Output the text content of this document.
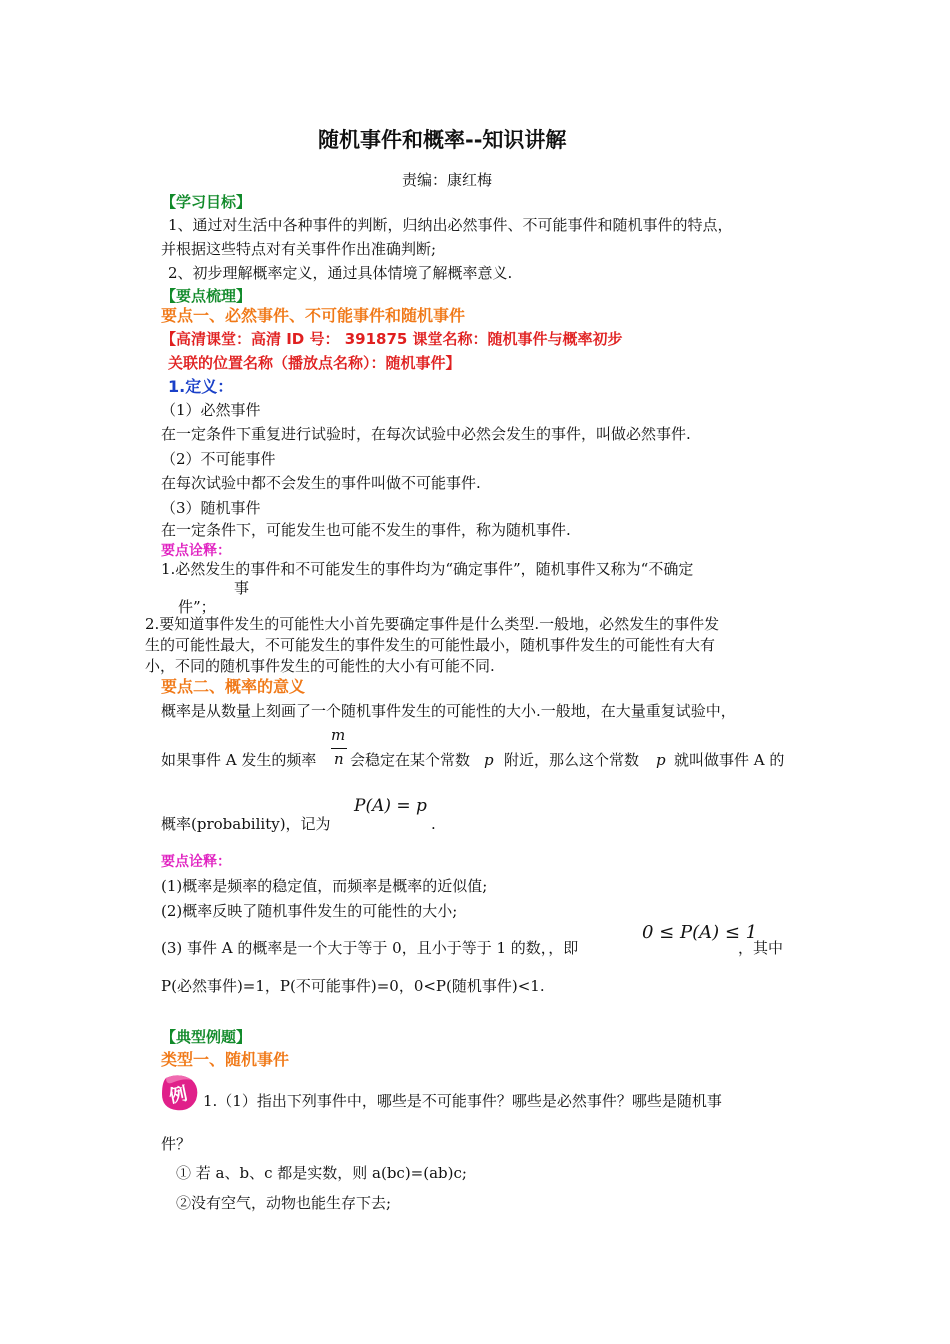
随机事件和概率--知识讲解
责编：康红梅
【学习目标】
1、通过对生活中各种事件的判断，归纳出必然事件、不可能事件和随机事件的特点，
并根据这些特点对有关事件作出准确判断;
2、初步理解概率定义，通过具体情境了解概率意义.
【要点梳理】
要点一、必然事件、不可能事件和随机事件
【高清课堂：高清 ID 号： 391875 课堂名称：随机事件与概率初步
关联的位置名称（播放点名称）：随机事件】
1.定义：
（1）必然事件
在一定条件下重复进行试验时，在每次试验中必然会发生的事件，叫做必然事件.
（2）不可能事件
在每次试验中都不会发生的事件叫做不可能事件.
（3）随机事件
在一定条件下，可能发生也可能不发生的事件，称为随机事件.
要点诠释：
1.必然发生的事件和不可能发生的事件均为“确定事件”，随机事件又称为“不确定
事
件”；
2.要知道事件发生的可能性大小首先要确定事件是什么类型.一般地，必然发生的事件发
生的可能性最大，不可能发生的事件发生的可能性最小，随机事件发生的可能性有大有
小，不同的随机事件发生的可能性的大小有可能不同.
要点二、概率的意义
概率是从数量上刻画了一个随机事件发生的可能性的大小.一般地，在大量重复试验中，
如果事件 A 发生的频率
m
n 会稳定在某个常数 p 附近，那么这个常数 p 就叫做事件 A 的
概率(probability)，记为
P(A) = p
.
要点诠释：
(1)概率是频率的稳定值，而频率是概率的近似值;
(2)概率反映了随机事件发生的可能性的大小;
(3) 事件 A 的概率是一个大于等于 0，且小于等于 1 的数，，即
0 ≤ P(A) ≤ 1
，其中
P(必然事件)=1，P(不可能事件)=0，0<P(随机事件)<1.
【典型例题】
类型一、随机事件
例 1.（1）指出下列事件中，哪些是不可能事件？哪些是必然事件？哪些是随机事
件？
① 若 a、b、c 都是实数，则 a(bc)=(ab)c;
②没有空气，动物也能生存下去;
